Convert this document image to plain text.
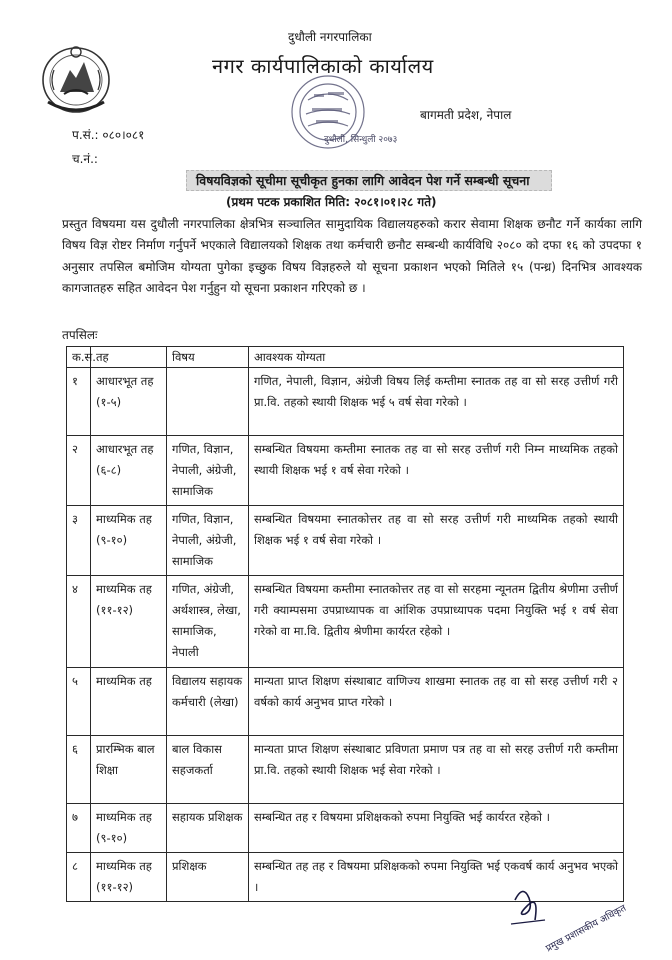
दुधौली नगरपालिका
नगर कार्यपालिकाको कार्यालय
दुधौली, सिन्धुली २०७३
बागमती प्रदेश, नेपाल
प.सं.: ०८०।०८१
च.नं.:
विषयविज्ञको सूचीमा सूचीकृत हुनका लागि आवेदन पेश गर्ने सम्बन्धी सूचना
(प्रथम पटक प्रकाशित मिति: २०८१।०१।२८ गते)
प्रस्तुत विषयमा यस दुधौली नगरपालिका क्षेत्रभित्र सञ्चालित सामुदायिक विद्यालयहरुको करार सेवामा शिक्षक छनौट गर्ने कार्यका लागि विषय विज्ञ रोष्टर निर्माण गर्नुपर्ने भएकाले विद्यालयको शिक्षक तथा कर्मचारी छनौट सम्बन्धी कार्यविधि २०८० को दफा १६ को उपदफा १ अनुसार तपसिल बमोजिम योग्यता पुगेका इच्छुक विषय विज्ञहरुले यो सूचना प्रकाशन भएको मितिले १५ (पन्ध्र) दिनभित्र आवश्यक कागजातहरु सहित आवेदन पेश गर्नुहुन यो सूचना प्रकाशन गरिएको छ ।
तपसिलः
क.स.	तह	विषय	आवश्यक योग्यता
१	आधारभूत तह (१-५)		गणित, नेपाली, विज्ञान, अंग्रेजी विषय लिई कम्तीमा स्नातक तह वा सो सरह उत्तीर्ण गरी प्रा.वि. तहको स्थायी शिक्षक भई ५ वर्ष सेवा गरेको ।
२	आधारभूत तह (६-८)	गणित, विज्ञान, नेपाली, अंग्रेजी, सामाजिक	सम्बन्धित विषयमा कम्तीमा स्नातक तह वा सो सरह उत्तीर्ण गरी निम्न माध्यमिक तहको स्थायी शिक्षक भई १ वर्ष सेवा गरेको ।
३	माध्यमिक तह (९-१०)	गणित, विज्ञान, नेपाली, अंग्रेजी, सामाजिक	सम्बन्धित विषयमा स्नातकोत्तर तह वा सो सरह उत्तीर्ण गरी माध्यमिक तहको स्थायी शिक्षक भई १ वर्ष सेवा गरेको ।
४	माध्यमिक तह (११-१२)	गणित, अंग्रेजी, अर्थशास्त्र, लेखा, सामाजिक, नेपाली	सम्बन्धित विषयमा कम्तीमा स्नातकोत्तर तह वा सो सरहमा न्यूनतम द्वितीय श्रेणीमा उत्तीर्ण गरी क्याम्पसमा उपप्राध्यापक वा आंशिक उपप्राध्यापक पदमा नियुक्ति भई १ वर्ष सेवा गरेको वा मा.वि. द्वितीय श्रेणीमा कार्यरत रहेको ।
५	माध्यमिक तह	विद्यालय सहायक कर्मचारी (लेखा)	मान्यता प्राप्त शिक्षण संस्थाबाट वाणिज्य शाखमा स्नातक तह वा सो सरह उत्तीर्ण गरी २ वर्षको कार्य अनुभव प्राप्त गरेको ।
६	प्रारम्भिक बाल शिक्षा	बाल विकास सहजकर्ता	मान्यता प्राप्त शिक्षण संस्थाबाट प्रविणता प्रमाण पत्र तह वा सो सरह उत्तीर्ण गरी कम्तीमा प्रा.वि. तहको स्थायी शिक्षक भई सेवा गरेको ।
७	माध्यमिक तह (९-१०)	सहायक प्रशिक्षक	सम्बन्धित तह र विषयमा प्रशिक्षकको रुपमा नियुक्ति भई कार्यरत रहेको ।
८	माध्यमिक तह (११-१२)	प्रशिक्षक	सम्बन्धित तह तह र विषयमा प्रशिक्षकको रुपमा नियुक्ति भई एकवर्ष कार्य अनुभव भएको ।
प्रमुख प्रशासकीय अधिकृत
